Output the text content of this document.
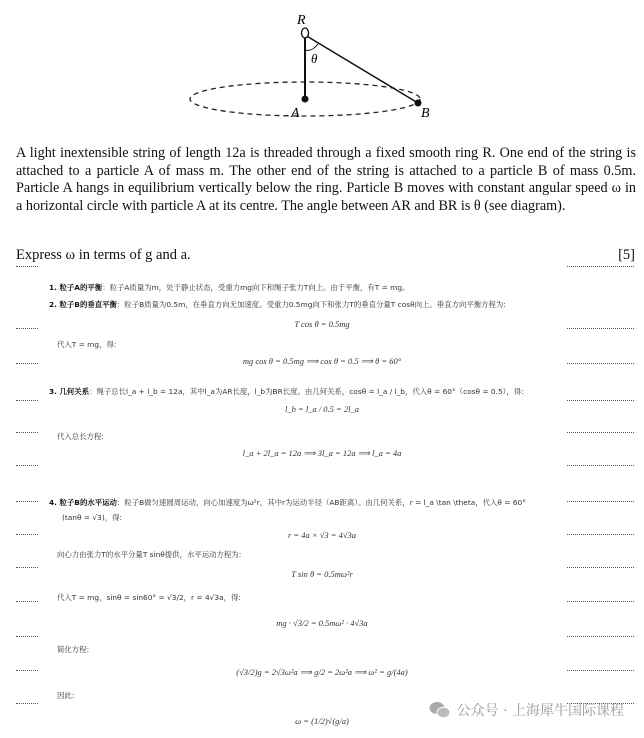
R
A	B
θ
A light inextensible string of length 12a is threaded through a fixed smooth ring R. One end of the string is attached to a particle A of mass m. The other end of the string is attached to a particle B of mass 0.5m. Particle A hangs in equilibrium vertically below the ring. Particle B moves with constant angular speed ω in a horizontal circle with particle A at its centre. The angle between AR and BR is θ (see diagram).
Express ω in terms of g and a.	[5]
1. 粒子A的平衡：粒子A质量为m，处于静止状态，受重力mg向下和绳子张力T向上。由于平衡，有T = mg。
2. 粒子B的垂直平衡：粒子B质量为0.5m，在垂直方向无加速度。受重力0.5mg向下和张力T的垂直分量T cosθ向上。垂直方向平衡方程为:
T cos θ = 0.5mg
代入T = mg，得:
mg cos θ = 0.5mg ⟹ cos θ = 0.5 ⟹ θ = 60°
3. 几何关系：绳子总长l_a + l_b = 12a，其中l_a为AR长度，l_b为BR长度。由几何关系，cosθ = l_a / l_b，代入θ = 60°（cosθ = 0.5），得:
l_b = l_a / 0.5 = 2l_a
代入总长方程:
l_a + 2l_a = 12a ⟹ 3l_a = 12a ⟹ l_a = 4a
4. 粒子B的水平运动：粒子B做匀速圆周运动，向心加速度为ω²r，其中r为运动半径（AB距离）。由几何关系，r = l_a \tan \theta，代入θ = 60°
(tanθ = √3)，得:
r = 4a × √3 = 4√3a
向心力由张力T的水平分量T sinθ提供，水平运动方程为:
T sin θ = 0.5mω²r
代入T = mg，sinθ = sin60° = √3/2，r = 4√3a，得:
mg · √3/2 = 0.5mω² · 4√3a
简化方程:
(√3/2)g = 2√3ω²a ⟹ g/2 = 2ω²a ⟹ ω² = g/(4a)
因此:
ω = (1/2)√(g/a)
公众号 · 上海犀牛国际课程
